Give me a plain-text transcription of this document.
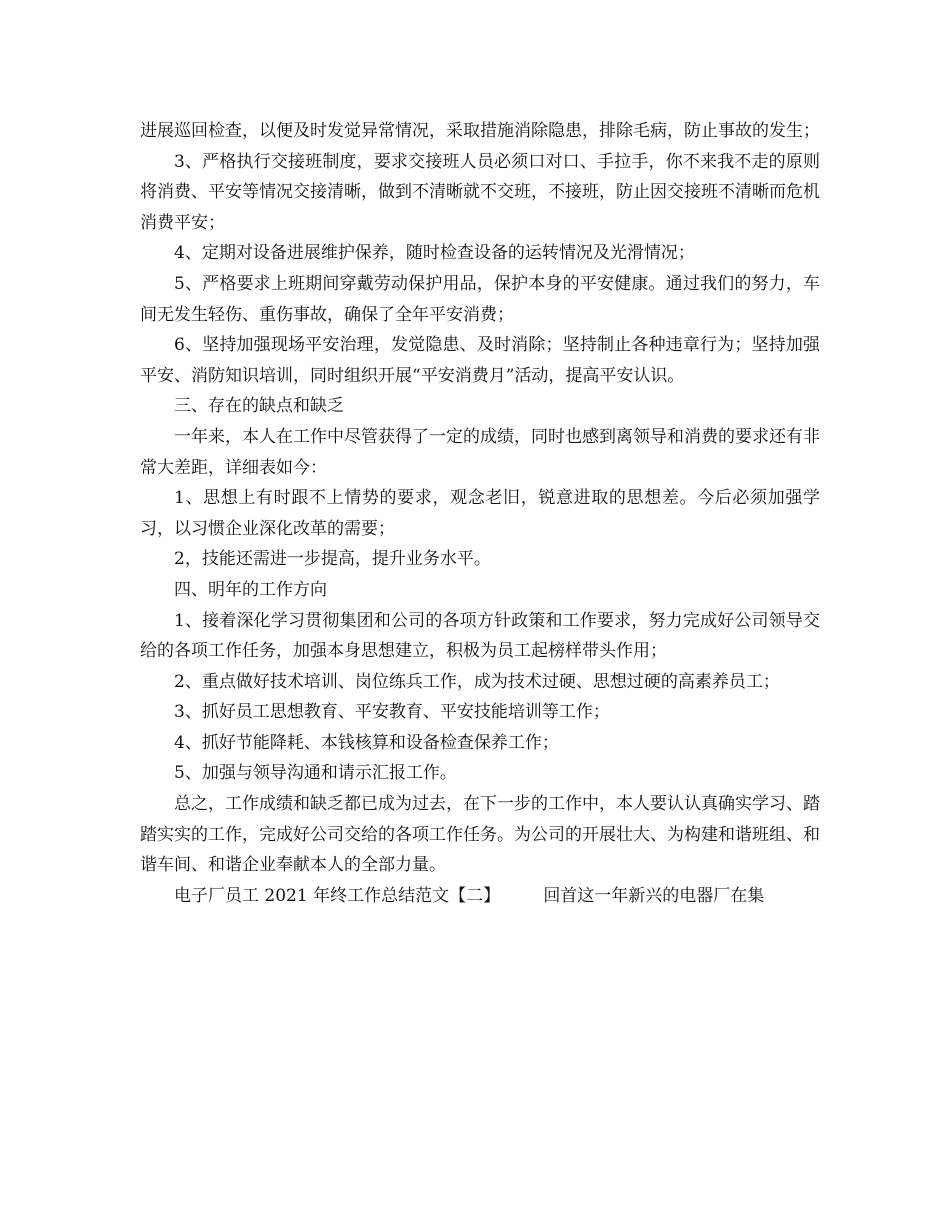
进展巡回检查，以便及时发觉异常情况，采取措施消除隐患，排除毛病，防止事故的发生；

3、严格执行交接班制度，要求交接班人员必须口对口、手拉手，你不来我不走的原则将消费、平安等情况交接清晰，做到不清晰就不交班，不接班，防止因交接班不清晰而危机消费平安；

4、定期对设备进展维护保养，随时检查设备的运转情况及光滑情况；

5、严格要求上班期间穿戴劳动保护用品，保护本身的平安健康。通过我们的努力，车间无发生轻伤、重伤事故，确保了全年平安消费；

6、坚持加强现场平安治理，发觉隐患、及时消除；坚持制止各种违章行为；坚持加强平安、消防知识培训，同时组织开展“平安消费月”活动，提高平安认识。

三、存在的缺点和缺乏

一年来，本人在工作中尽管获得了一定的成绩，同时也感到离领导和消费的要求还有非常大差距，详细表如今：

1、思想上有时跟不上情势的要求，观念老旧，锐意进取的思想差。今后必须加强学习，以习惯企业深化改革的需要；

2，技能还需进一步提高，提升业务水平。

四、明年的工作方向

1、接着深化学习贯彻集团和公司的各项方针政策和工作要求，努力完成好公司领导交给的各项工作任务，加强本身思想建立，积极为员工起榜样带头作用；

2、重点做好技术培训、岗位练兵工作，成为技术过硬、思想过硬的高素养员工；

3、抓好员工思想教育、平安教育、平安技能培训等工作；

4、抓好节能降耗、本钱核算和设备检查保养工作；

5、加强与领导沟通和请示汇报工作。

总之，工作成绩和缺乏都已成为过去，在下一步的工作中，本人要认认真确实学习、踏踏实实的工作，完成好公司交给的各项工作任务。为公司的开展壮大、为构建和谐班组、和谐车间、和谐企业奉献本人的全部力量。

电子厂员工 2021 年终工作总结范文【二】	回首这一年新兴的电器厂在集
